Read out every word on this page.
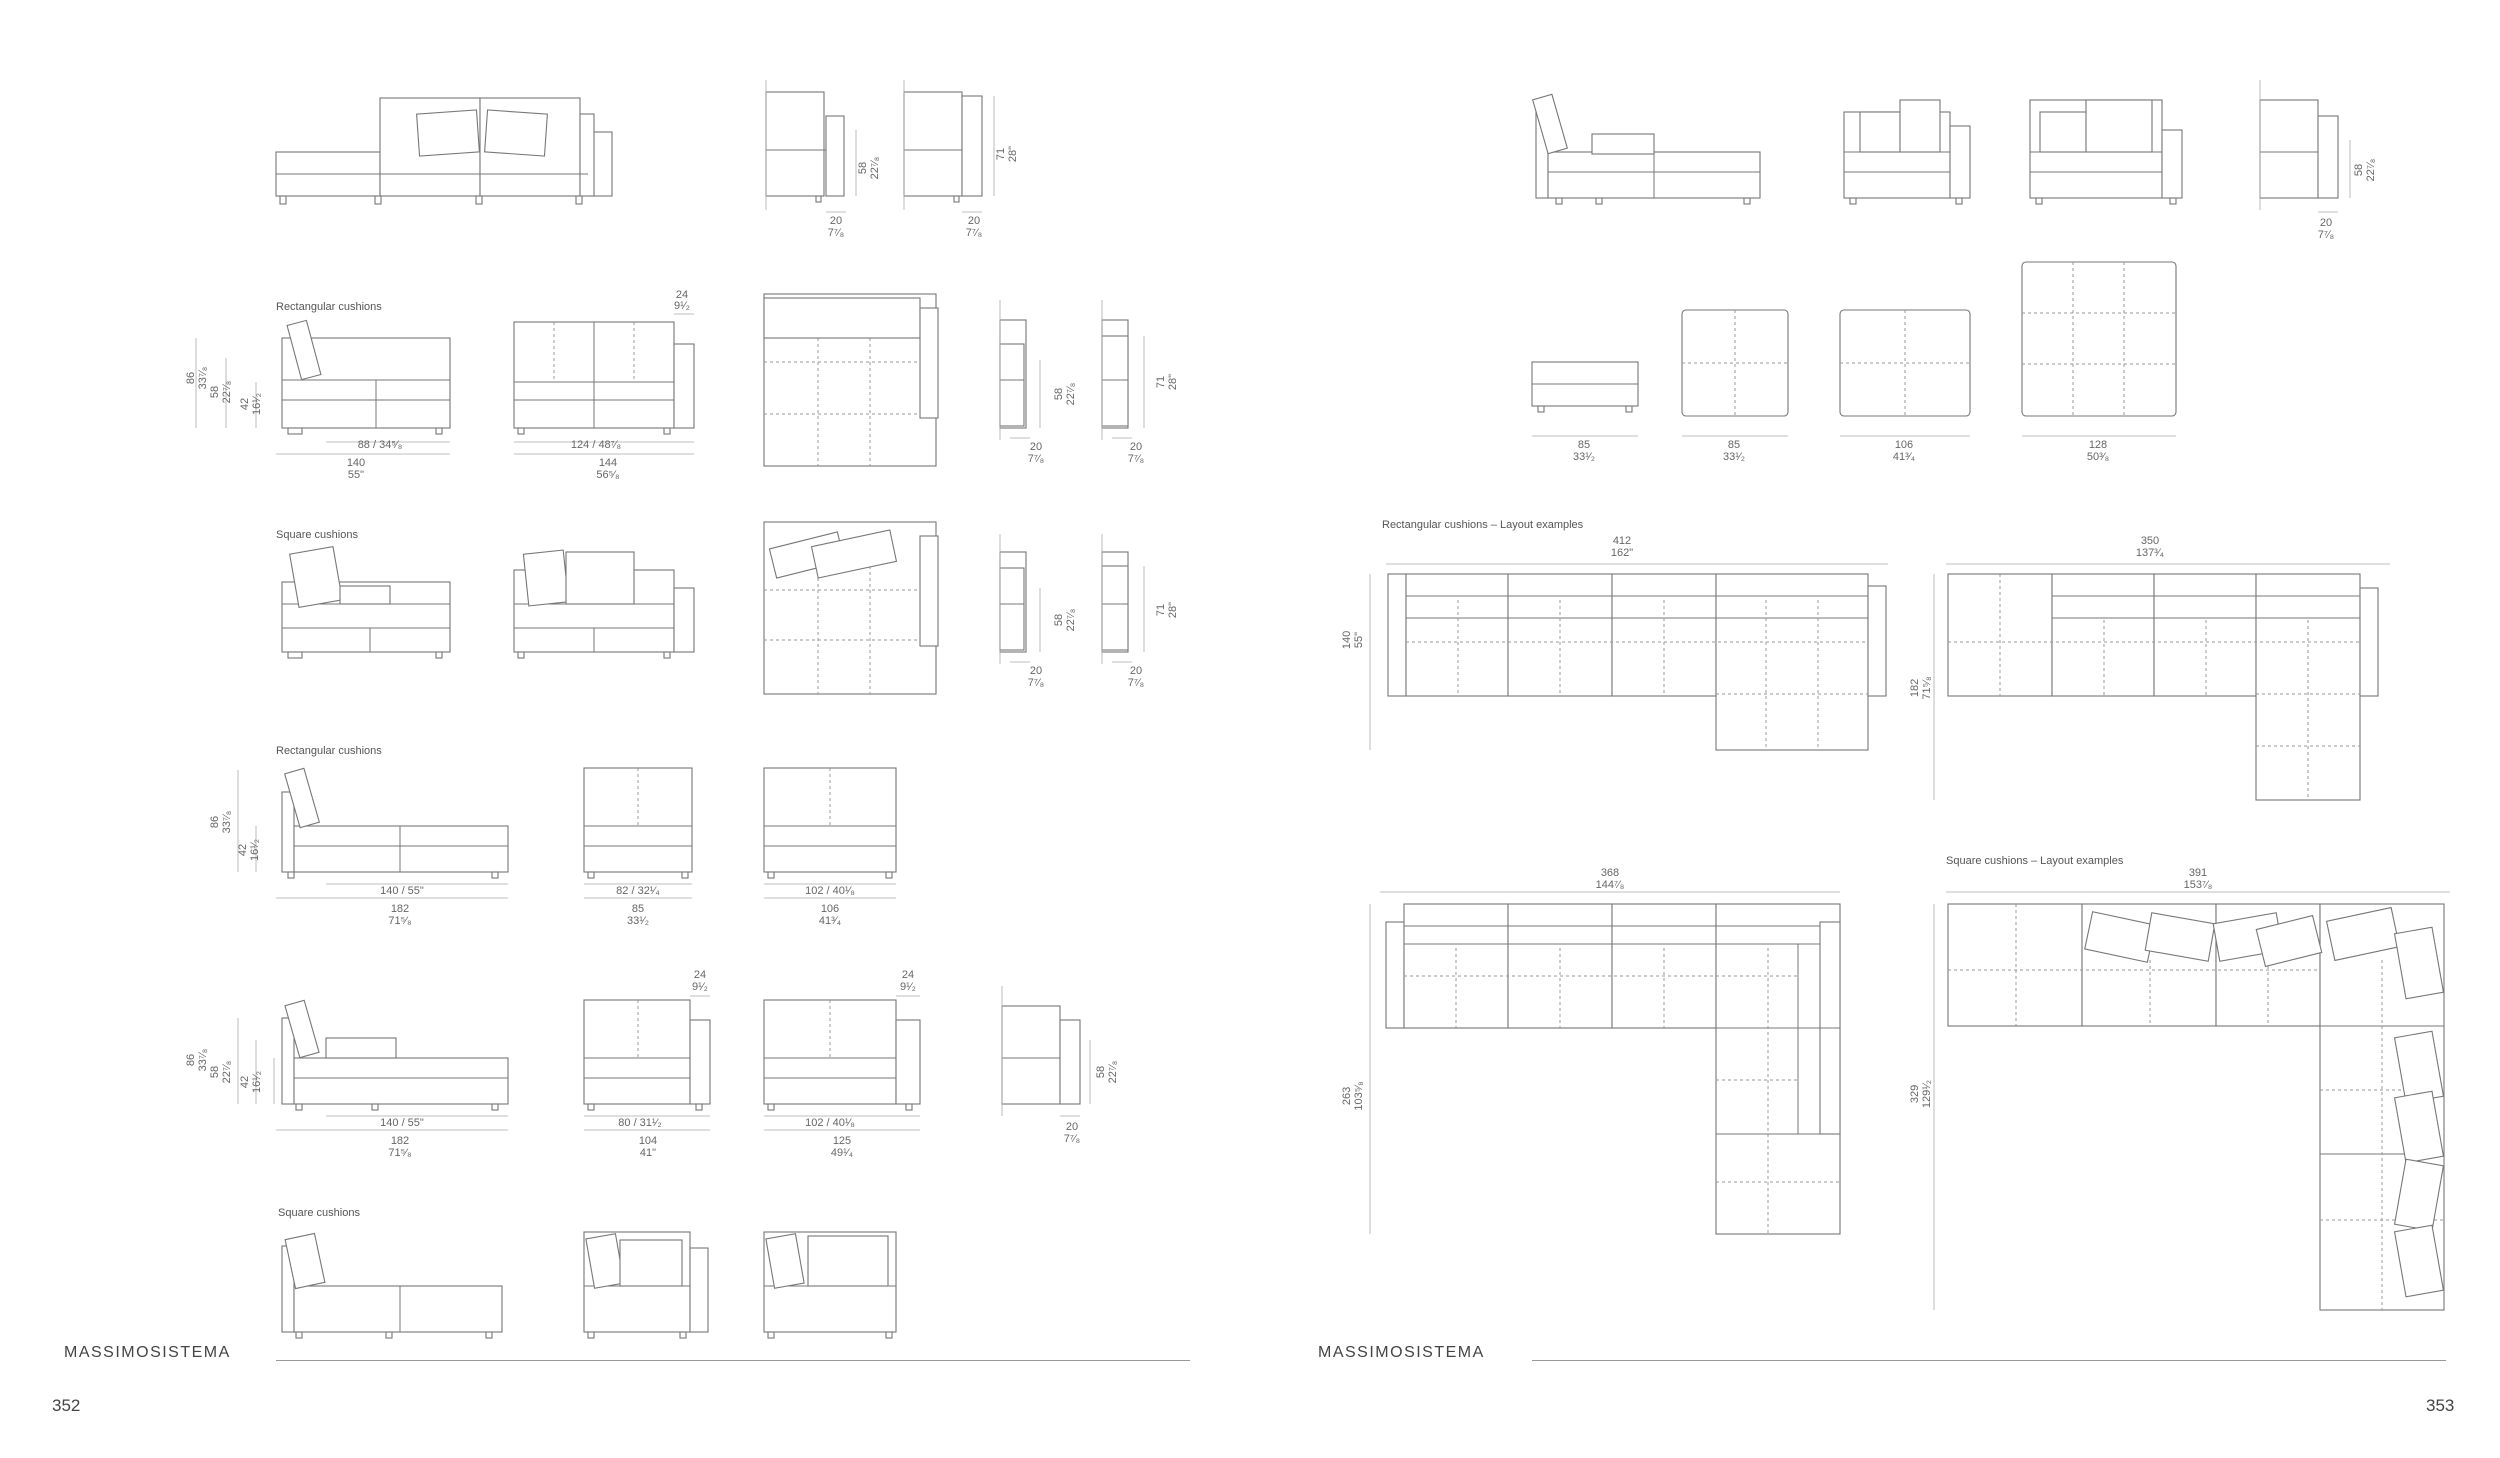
Rectangular cushions
Square cushions
Rectangular cushions
Square cushions
20
7⁷⁄₈
58 22⁷⁄₈
20
7⁷⁄₈
71 28"
24
9¹⁄₂
86 33⁷⁄₈
58 22⁷⁄₈
42 16¹⁄₂
88 / 34⁵⁄₈
140
55"
124 / 48⁷⁄₈
144
56⁵⁄₈
58 22⁷⁄₈
20
7⁷⁄₈
71 28"
20
7⁷⁄₈
58 22⁷⁄₈
20
7⁷⁄₈
71 28"
20
7⁷⁄₈
86 33⁷⁄₈
42 16¹⁄₂
140 / 55"
182
71⁵⁄₈
82 / 32¹⁄₄
85
33¹⁄₂
102 / 40¹⁄₈
106
41³⁄₄
86 33⁷⁄₈
58 22⁷⁄₈ 42 16¹⁄₂
140 / 55"
182
71⁵⁄₈
24
9¹⁄₂
80 / 31¹⁄₂
104
41"
24
9¹⁄₂
102 / 40¹⁄₈
125
49¹⁄₄
58 22⁷⁄₈
20
7⁷⁄₈
Rectangular cushions – Layout examples
Square cushions – Layout examples
58 22⁷⁄₈
20
7⁷⁄₈
85
33¹⁄₂
85
33¹⁄₂
106
41³⁄₄
128
50³⁄₈
412
162"
140 55"
350
137³⁄₄
182 71⁵⁄₈
368
144⁷⁄₈
263 103⁵⁄₈
391
153⁷⁄₈
329 129¹⁄₂
MASSIMOSISTEMA
352
MASSIMOSISTEMA
353
